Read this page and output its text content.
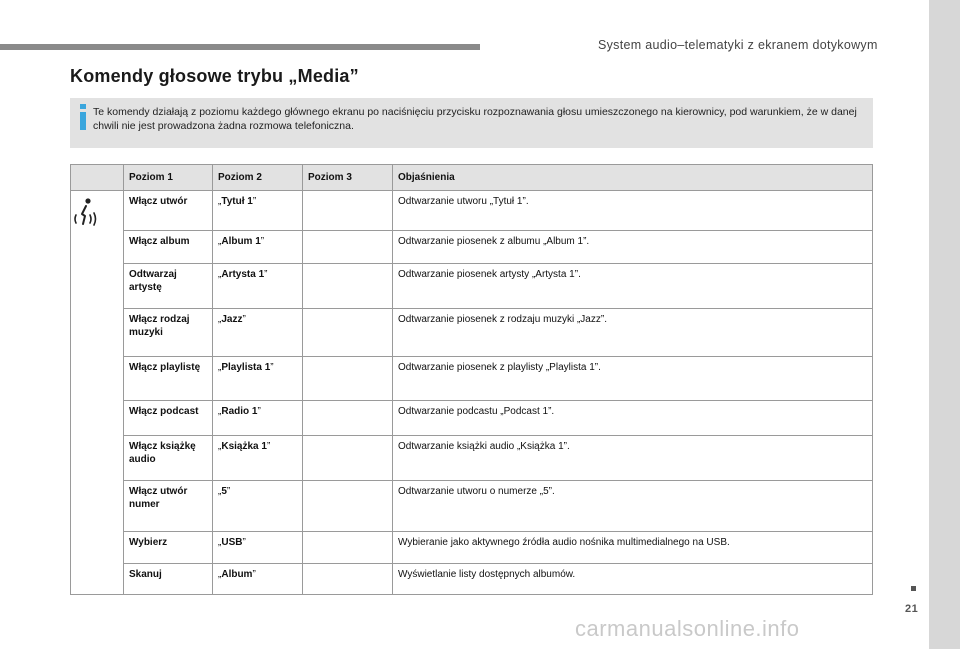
System audio–telematyki z ekranem dotykowym
Komendy głosowe trybu „Media”
Te komendy działają z poziomu każdego głównego ekranu po naciśnięciu przycisku rozpoznawania głosu umieszczonego na kierownicy, pod warunkiem, że w danej chwili nie jest prowadzona żadna rozmowa telefoniczna.
	Poziom 1	Poziom 2	Poziom 3	Objaśnienia
	Włącz utwór	„Tytuł 1”		Odtwarzanie utworu „Tytuł 1”.
	Włącz album	„Album 1”		Odtwarzanie piosenek z albumu „Album 1”.
	Odtwarzaj artystę	„Artysta 1”		Odtwarzanie piosenek artysty „Artysta 1”.
	Włącz rodzaj muzyki	„Jazz”		Odtwarzanie piosenek z rodzaju muzyki „Jazz”.
	Włącz playlistę	„Playlista 1”		Odtwarzanie piosenek z playlisty „Playlista 1”.
	Włącz podcast	„Radio 1”		Odtwarzanie podcastu „Podcast 1”.
	Włącz książkę audio	„Książka 1”		Odtwarzanie książki audio „Książka 1”.
	Włącz utwór numer	„5”		Odtwarzanie utworu o numerze „5”.
	Wybierz	„USB”		Wybieranie jako aktywnego źródła audio nośnika multimedialnego na USB.
	Skanuj	„Album”		Wyświetlanie listy dostępnych albumów.
21
carmanualsonline.info
